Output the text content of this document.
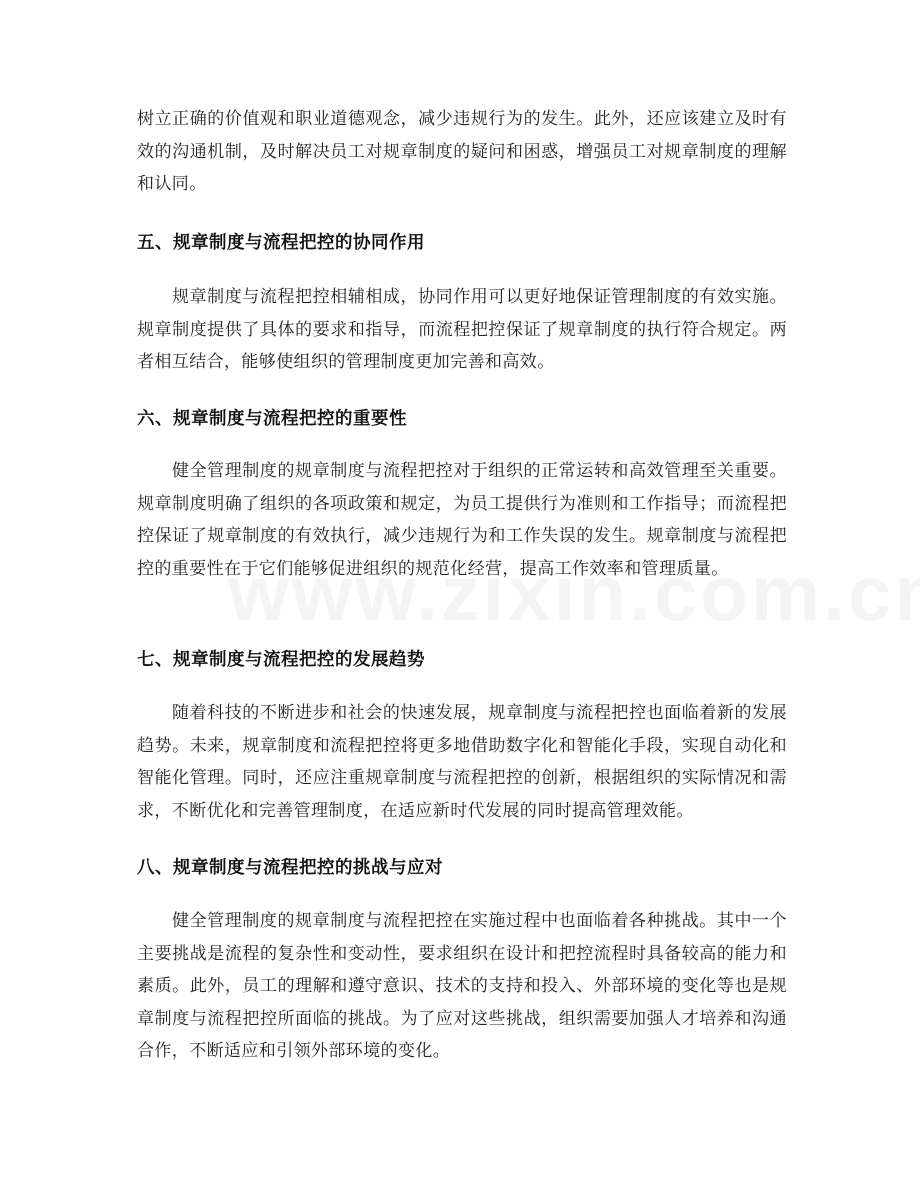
树立正确的价值观和职业道德观念，减少违规行为的发生。此外，还应该建立及时有效的沟通机制，及时解决员工对规章制度的疑问和困惑，增强员工对规章制度的理解和认同。

五、规章制度与流程把控的协同作用

规章制度与流程把控相辅相成，协同作用可以更好地保证管理制度的有效实施。规章制度提供了具体的要求和指导，而流程把控保证了规章制度的执行符合规定。两者相互结合，能够使组织的管理制度更加完善和高效。

六、规章制度与流程把控的重要性

健全管理制度的规章制度与流程把控对于组织的正常运转和高效管理至关重要。规章制度明确了组织的各项政策和规定，为员工提供行为准则和工作指导；而流程把控保证了规章制度的有效执行，减少违规行为和工作失误的发生。规章制度与流程把控的重要性在于它们能够促进组织的规范化经营，提高工作效率和管理质量。

七、规章制度与流程把控的发展趋势

随着科技的不断进步和社会的快速发展，规章制度与流程把控也面临着新的发展趋势。未来，规章制度和流程把控将更多地借助数字化和智能化手段，实现自动化和智能化管理。同时，还应注重规章制度与流程把控的创新，根据组织的实际情况和需求，不断优化和完善管理制度，在适应新时代发展的同时提高管理效能。

八、规章制度与流程把控的挑战与应对

健全管理制度的规章制度与流程把控在实施过程中也面临着各种挑战。其中一个主要挑战是流程的复杂性和变动性，要求组织在设计和把控流程时具备较高的能力和素质。此外，员工的理解和遵守意识、技术的支持和投入、外部环境的变化等也是规章制度与流程把控所面临的挑战。为了应对这些挑战，组织需要加强人才培养和沟通合作，不断适应和引领外部环境的变化。
